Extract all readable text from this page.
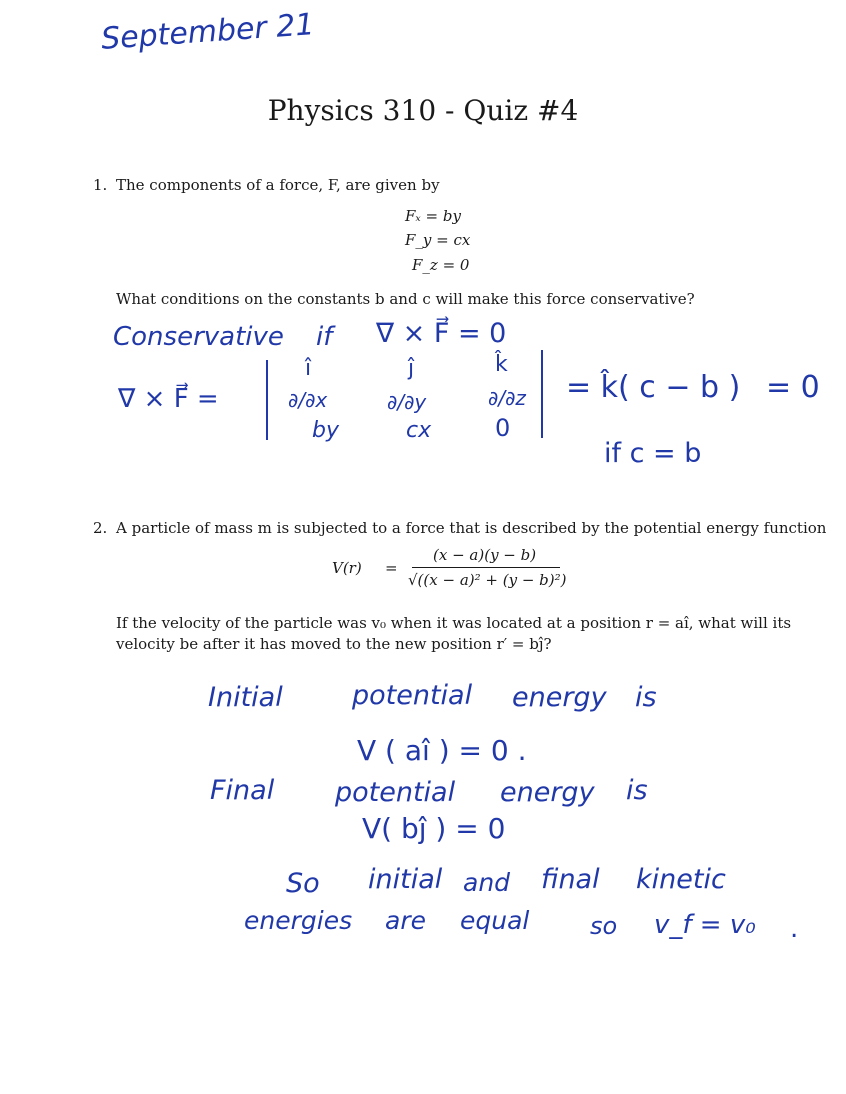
September 21
Physics 310 - Quiz #4
1. The components of a force, F, are given by
Fₓ = by
F_y = cx
F_z = 0
What conditions on the constants b and c will make this force conservative?
Conservative if ∇ × F⃗ = 0
∇ × F⃗ =
î	ĵ	k̂
∂/∂x	∂/∂y	∂/∂z
by	cx	0
= k̂( c − b ) = 0
if c = b
2. A particle of mass m is subjected to a force that is described by the potential energy function
V(r) =
(x − a)(y − b)
√((x − a)² + (y − b)²)
If the velocity of the particle was v₀ when it was located at a position r = aî, what will its
velocity be after it has moved to the new position r′ = bĵ?
Initial	potential energy is
V ( aî ) = 0 .
Final potential energy is
V( bĵ ) = 0
So initial and final kinetic
energies are equal	so v_f = v₀ .
